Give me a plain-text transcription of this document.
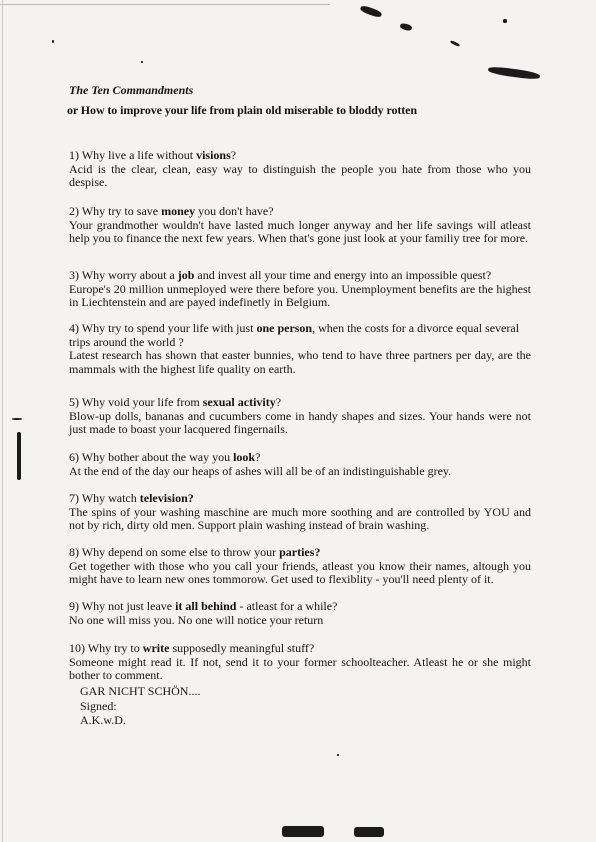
The Ten Commandments
or How to improve your life from plain old miserable to bloddy rotten
1) Why live a life without visions?
Acid is the clear, clean, easy way to distinguish the people you hate from those who you despise.
2) Why try to save money you don't have?
Your grandmother wouldn't have lasted much longer anyway and her life savings will atleast help you to finance the next few years. When that's gone just look at your familiy tree for more.
3) Why worry about a job and invest all your time and energy into an impossible quest?
Europe's 20 million unmeployed were there before you. Unemployment benefits are the highest in Liechtenstein and are payed indefinetly in Belgium.
4) Why try to spend your life with just one person, when the costs for a divorce equal several trips around the world ?
Latest research has shown that easter bunnies, who tend to have three partners per day, are the mammals with the highest life quality on earth.
5) Why void your life from sexual activity?
Blow-up dolls, bananas and cucumbers come in handy shapes and sizes. Your hands were not just made to boast your lacquered fingernails.
6) Why bother about the way you look?
At the end of the day our heaps of ashes will all be of an indistinguishable grey.
7) Why watch television?
The spins of your washing maschine are much more soothing and are controlled by YOU and not by rich, dirty old men. Support plain washing instead of brain washing.
8) Why depend on some else to throw your parties?
Get together with those who you call your friends, atleast you know their names, altough you might have to learn new ones tommorow. Get used to flexiblity - you'll need plenty of it.
9) Why not just leave it all behind - atleast for a while?
No one will miss you. No one will notice your return
10) Why try to write supposedly meaningful stuff?
Someone might read it. If not, send it to your former schoolteacher. Atleast he or she might bother to comment.
GAR NICHT SCHÖN....
Signed:
A.K.w.D.
